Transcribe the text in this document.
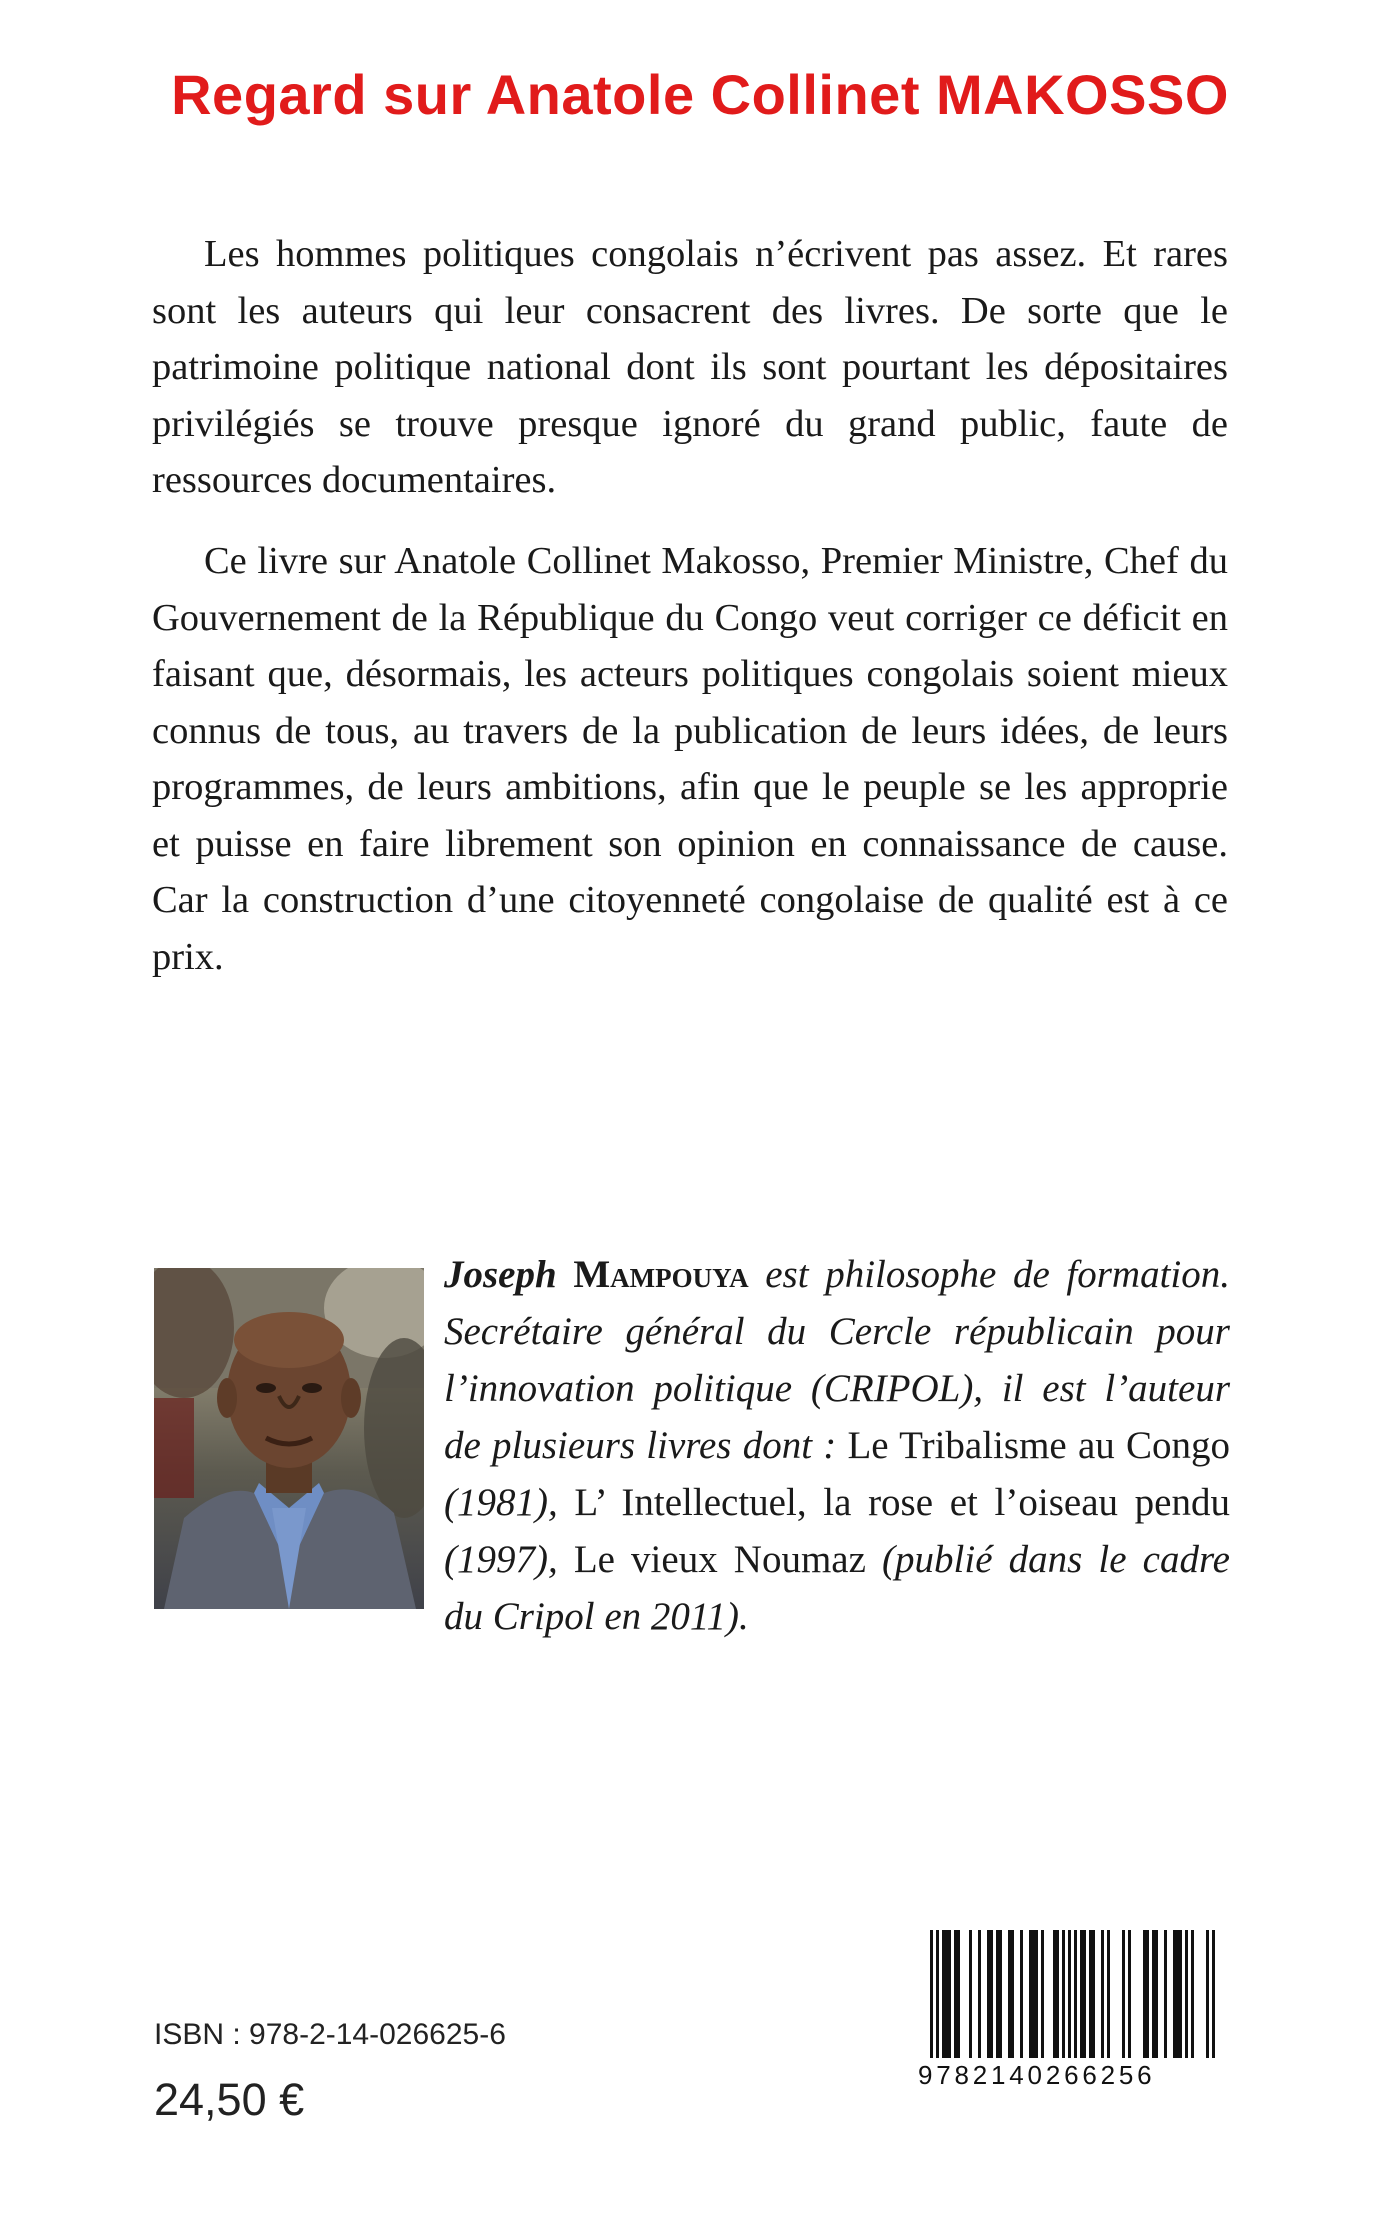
Regard sur Anatole Collinet MAKOSSO

Les hommes politiques congolais n’écrivent pas assez. Et rares sont les auteurs qui leur consacrent des livres. De sorte que le patrimoine politique national dont ils sont pourtant les dépositaires privilégiés se trouve presque ignoré du grand public, faute de ressources documentaires.

Ce livre sur Anatole Collinet Makosso, Premier Ministre, Chef du Gouvernement de la République du Congo veut corriger ce déficit en faisant que, désormais, les acteurs politiques congolais soient mieux connus de tous, au travers de la publication de leurs idées, de leurs programmes, de leurs ambitions, afin que le peuple se les approprie et puisse en faire librement son opinion en connaissance de cause. Car la construction d’une citoyenneté congolaise de qualité est à ce prix.

Joseph Mampouya est philosophe de formation. Secrétaire général du Cercle républicain pour l’innovation politique (CRIPOL), il est l’auteur de plusieurs livres dont : Le Tribalisme au Congo (1981), L’ Intellectuel, la rose et l’oiseau pendu (1997), Le vieux Noumaz (publié dans le cadre du Cripol en 2011).

ISBN : 978-2-14-026625-6
24,50 €	9782140266256
